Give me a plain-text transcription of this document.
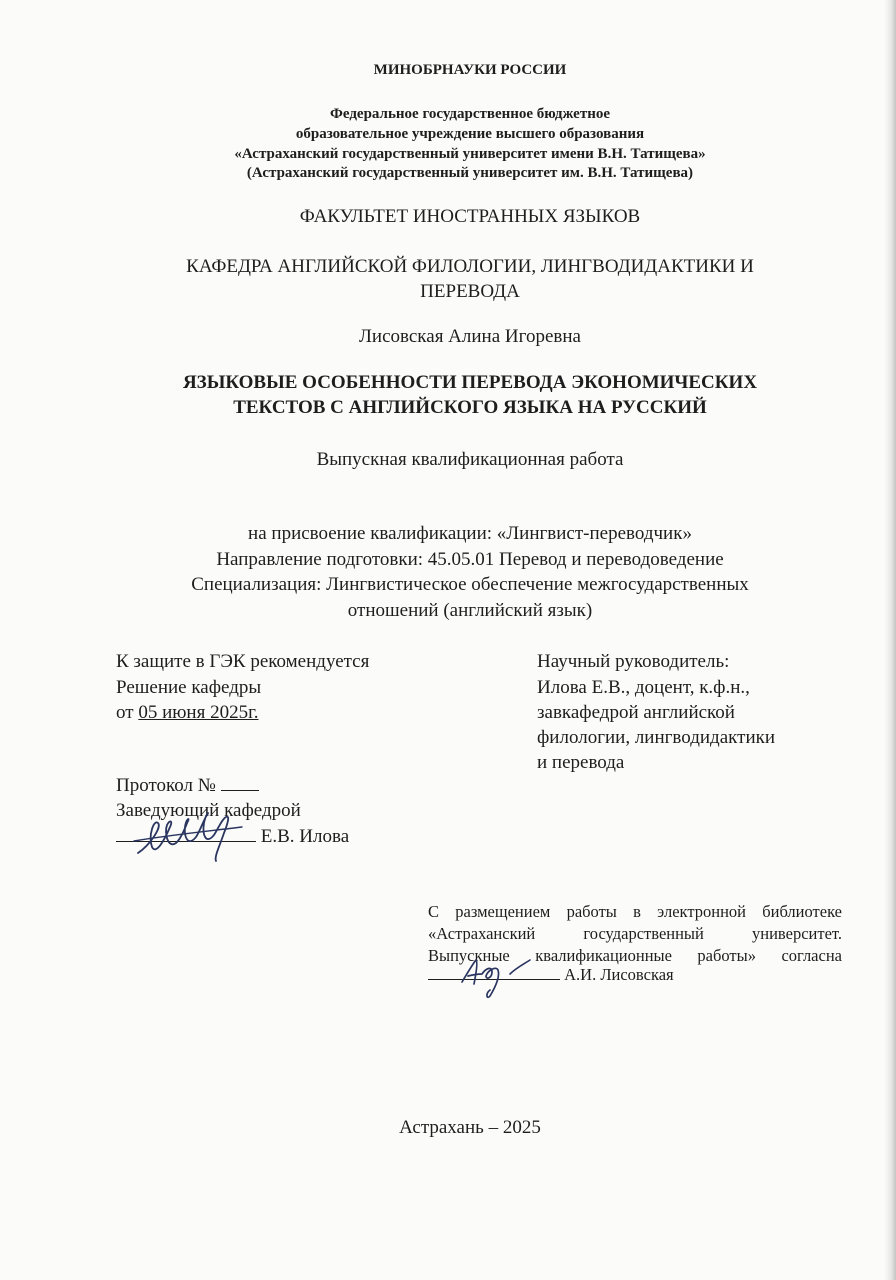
МИНОБРНАУКИ РОССИИ
Федеральное государственное бюджетное
образовательное учреждение высшего образования
«Астраханский государственный университет имени В.Н. Татищева»
(Астраханский государственный университет им. В.Н. Татищева)
ФАКУЛЬТЕТ ИНОСТРАННЫХ ЯЗЫКОВ
КАФЕДРА АНГЛИЙСКОЙ ФИЛОЛОГИИ, ЛИНГВОДИДАКТИКИ И
ПЕРЕВОДА
Лисовская Алина Игоревна
ЯЗЫКОВЫЕ ОСОБЕННОСТИ ПЕРЕВОДА ЭКОНОМИЧЕСКИХ
ТЕКСТОВ С АНГЛИЙСКОГО ЯЗЫКА НА РУССКИЙ
Выпускная квалификационная работа
на присвоение квалификации: «Лингвист-переводчик»
Направление подготовки: 45.05.01 Перевод и переводоведение
Специализация: Лингвистическое обеспечение межгосударственных
отношений (английский язык)
К защите в ГЭК рекомендуется
Решение кафедры
от 05 июня 2025г.
Протокол №
Заведующий кафедрой
Е.В. Илова
Научный руководитель:
Илова Е.В., доцент, к.ф.н.,
завкафедрой английской
филологии, лингводидактики
и перевода
С размещением работы в электронной библиотеке
«Астраханский государственный университет.
Выпускные квалификационные работы» согласна
А.И. Лисовская
Астрахань – 2025
